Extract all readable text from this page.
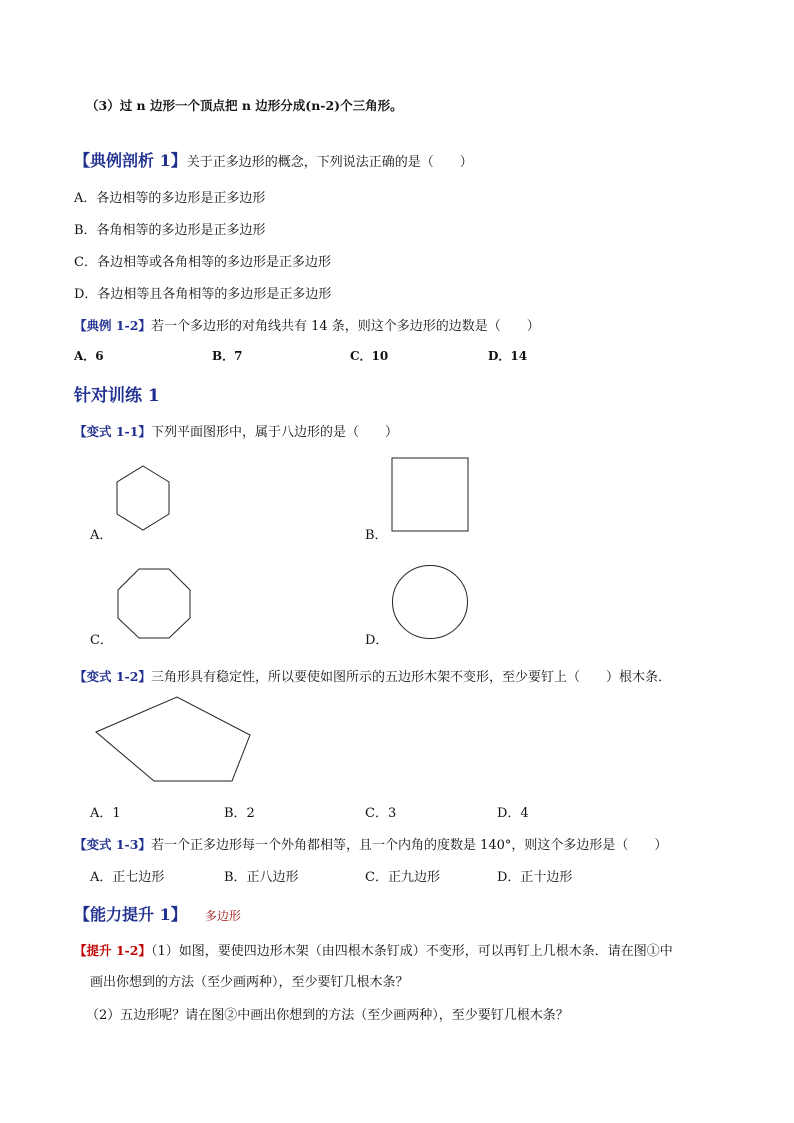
（3）过 n 边形一个顶点把 n 边形分成(n-2)个三角形。
【典例剖析 1】关于正多边形的概念，下列说法正确的是（　　）
A．各边相等的多边形是正多边形
B．各角相等的多边形是正多边形
C．各边相等或各角相等的多边形是正多边形
D．各边相等且各角相等的多边形是正多边形
【典例 1-2】若一个多边形的对角线共有 14 条，则这个多边形的边数是（　　）
A．6	B．7	C．10	D．14
针对训练 1
【变式 1-1】下列平面图形中，属于八边形的是（　　）
A．	B．
C．	D．
【变式 1-2】三角形具有稳定性，所以要使如图所示的五边形木架不变形，至少要钉上（　　）根木条．
A．1	B．2	C．3	D．4
【变式 1-3】若一个正多边形每一个外角都相等，且一个内角的度数是 140°，则这个多边形是（　　）
A．正七边形	B．正八边形	C．正九边形	D．正十边形
【能力提升 1】 多边形
【提升 1-2】（1）如图，要使四边形木架（由四根木条钉成）不变形，可以再钉上几根木条．请在图①中
画出你想到的方法（至少画两种），至少要钉几根木条？
（2）五边形呢？请在图②中画出你想到的方法（至少画两种），至少要钉几根木条？
